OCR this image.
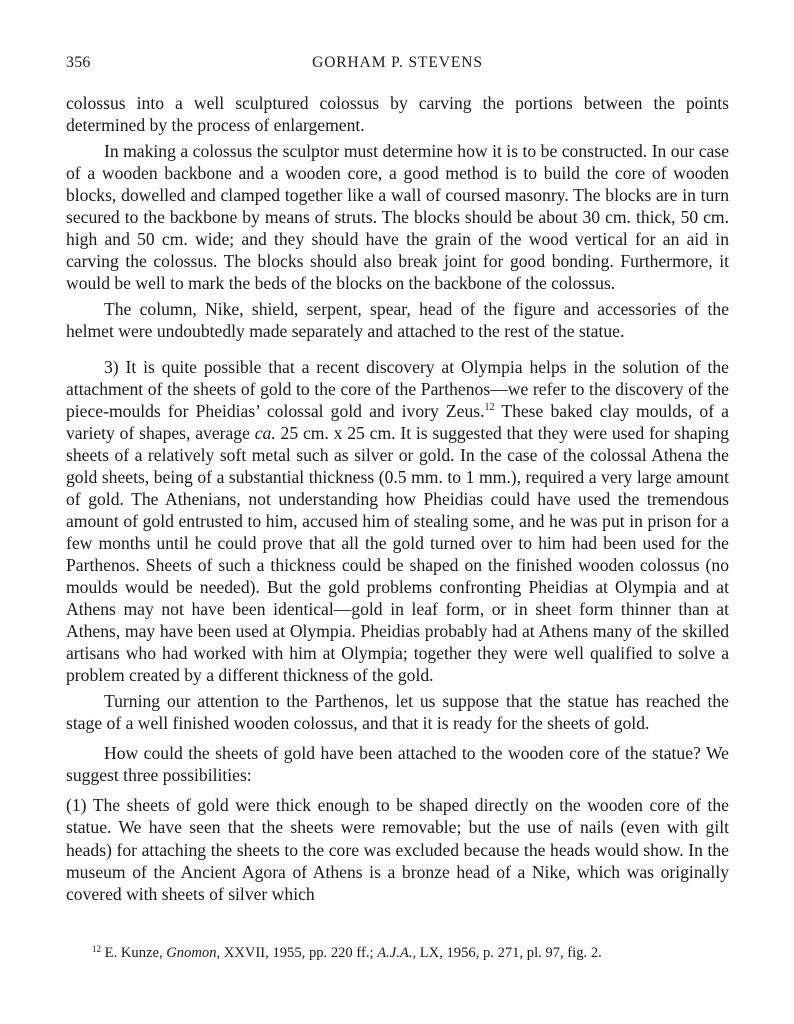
356	GORHAM P. STEVENS

colossus into a well sculptured colossus by carving the portions between the points determined by the process of enlargement.

In making a colossus the sculptor must determine how it is to be constructed. In our case of a wooden backbone and a wooden core, a good method is to build the core of wooden blocks, dowelled and clamped together like a wall of coursed masonry. The blocks are in turn secured to the backbone by means of struts. The blocks should be about 30 cm. thick, 50 cm. high and 50 cm. wide; and they should have the grain of the wood vertical for an aid in carving the colossus. The blocks should also break joint for good bonding. Furthermore, it would be well to mark the beds of the blocks on the backbone of the colossus.

The column, Nike, shield, serpent, spear, head of the figure and accessories of the helmet were undoubtedly made separately and attached to the rest of the statue.

3) It is quite possible that a recent discovery at Olympia helps in the solution of the attachment of the sheets of gold to the core of the Parthenos—we refer to the discovery of the piece-moulds for Pheidias’ colossal gold and ivory Zeus.$^{12}$ These baked clay moulds, of a variety of shapes, average ca. 25 cm. x 25 cm. It is suggested that they were used for shaping sheets of a relatively soft metal such as silver or gold. In the case of the colossal Athena the gold sheets, being of a substantial thickness (0.5 mm. to 1 mm.), required a very large amount of gold. The Athenians, not understanding how Pheidias could have used the tremendous amount of gold entrusted to him, accused him of stealing some, and he was put in prison for a few months until he could prove that all the gold turned over to him had been used for the Parthenos. Sheets of such a thickness could be shaped on the finished wooden colossus (no moulds would be needed). But the gold problems confronting Pheidias at Olympia and at Athens may not have been identical—gold in leaf form, or in sheet form thinner than at Athens, may have been used at Olympia. Pheidias probably had at Athens many of the skilled artisans who had worked with him at Olympia; together they were well qualified to solve a problem created by a different thickness of the gold.

Turning our attention to the Parthenos, let us suppose that the statue has reached the stage of a well finished wooden colossus, and that it is ready for the sheets of gold.

How could the sheets of gold have been attached to the wooden core of the statue? We suggest three possibilities:

(1) The sheets of gold were thick enough to be shaped directly on the wooden core of the statue. We have seen that the sheets were removable; but the use of nails (even with gilt heads) for attaching the sheets to the core was excluded because the heads would show. In the museum of the Ancient Agora of Athens is a bronze head of a Nike, which was originally covered with sheets of silver which

$^{12}$ E. Kunze, Gnomon, XXVII, 1955, pp. 220 ff.; A.J.A., LX, 1956, p. 271, pl. 97, fig. 2.
